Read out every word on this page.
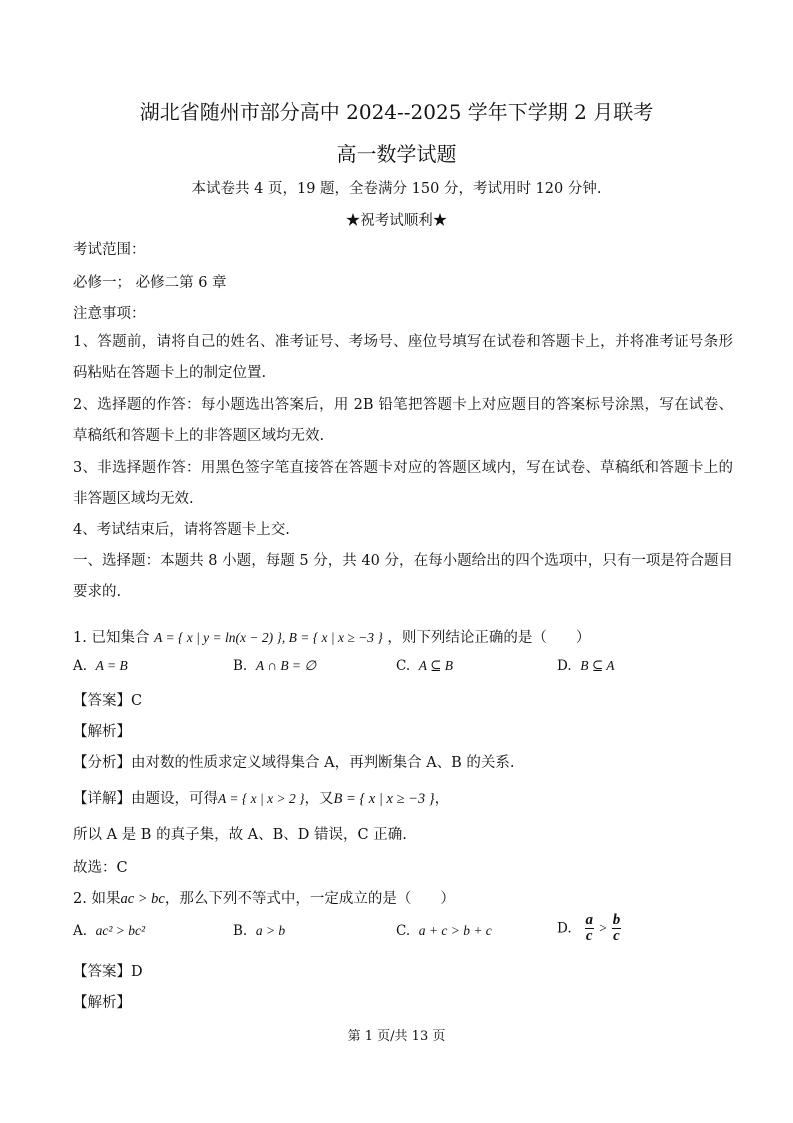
湖北省随州市部分高中 2024--2025 学年下学期 2 月联考
高一数学试题
本试卷共 4 页，19 题，全卷满分 150 分，考试用时 120 分钟.
★祝考试顺利★
考试范围：
必修一； 必修二第 6 章
注意事项：
1、答题前，请将自己的姓名、准考证号、考场号、座位号填写在试卷和答题卡上，并将准考证号条形码粘贴在答题卡上的制定位置.
2、选择题的作答：每小题选出答案后，用 2B 铅笔把答题卡上对应题目的答案标号涂黑，写在试卷、草稿纸和答题卡上的非答题区域均无效.
3、非选择题作答：用黑色签字笔直接答在答题卡对应的答题区域内，写在试卷、草稿纸和答题卡上的非答题区域均无效.
4、考试结束后，请将答题卡上交.
一、选择题：本题共 8 小题，每题 5 分，共 40 分，在每小题给出的四个选项中，只有一项是符合题目要求的.
1. 已知集合 A = { x | y = ln(x − 2) }, B = { x | x ≥ −3 } ，则下列结论正确的是（　　）
A. A = B	B. A ∩ B = ∅	C. A ⊆ B	D. B ⊆ A
【答案】C
【解析】
【分析】由对数的性质求定义域得集合 A，再判断集合 A、B 的关系.
【详解】由题设，可得A = { x | x > 2 }，又B = { x | x ≥ −3 }，
所以 A 是 B 的真子集，故 A、B、D 错误，C 正确.
故选：C
2. 如果ac > bc，那么下列不等式中，一定成立的是（　　）
A. ac² > bc²	B. a > b	C. a + c > b + c	D. $\frac{a}{c} > \frac{b}{c}$
【答案】D
【解析】
第 1 页/共 13 页
